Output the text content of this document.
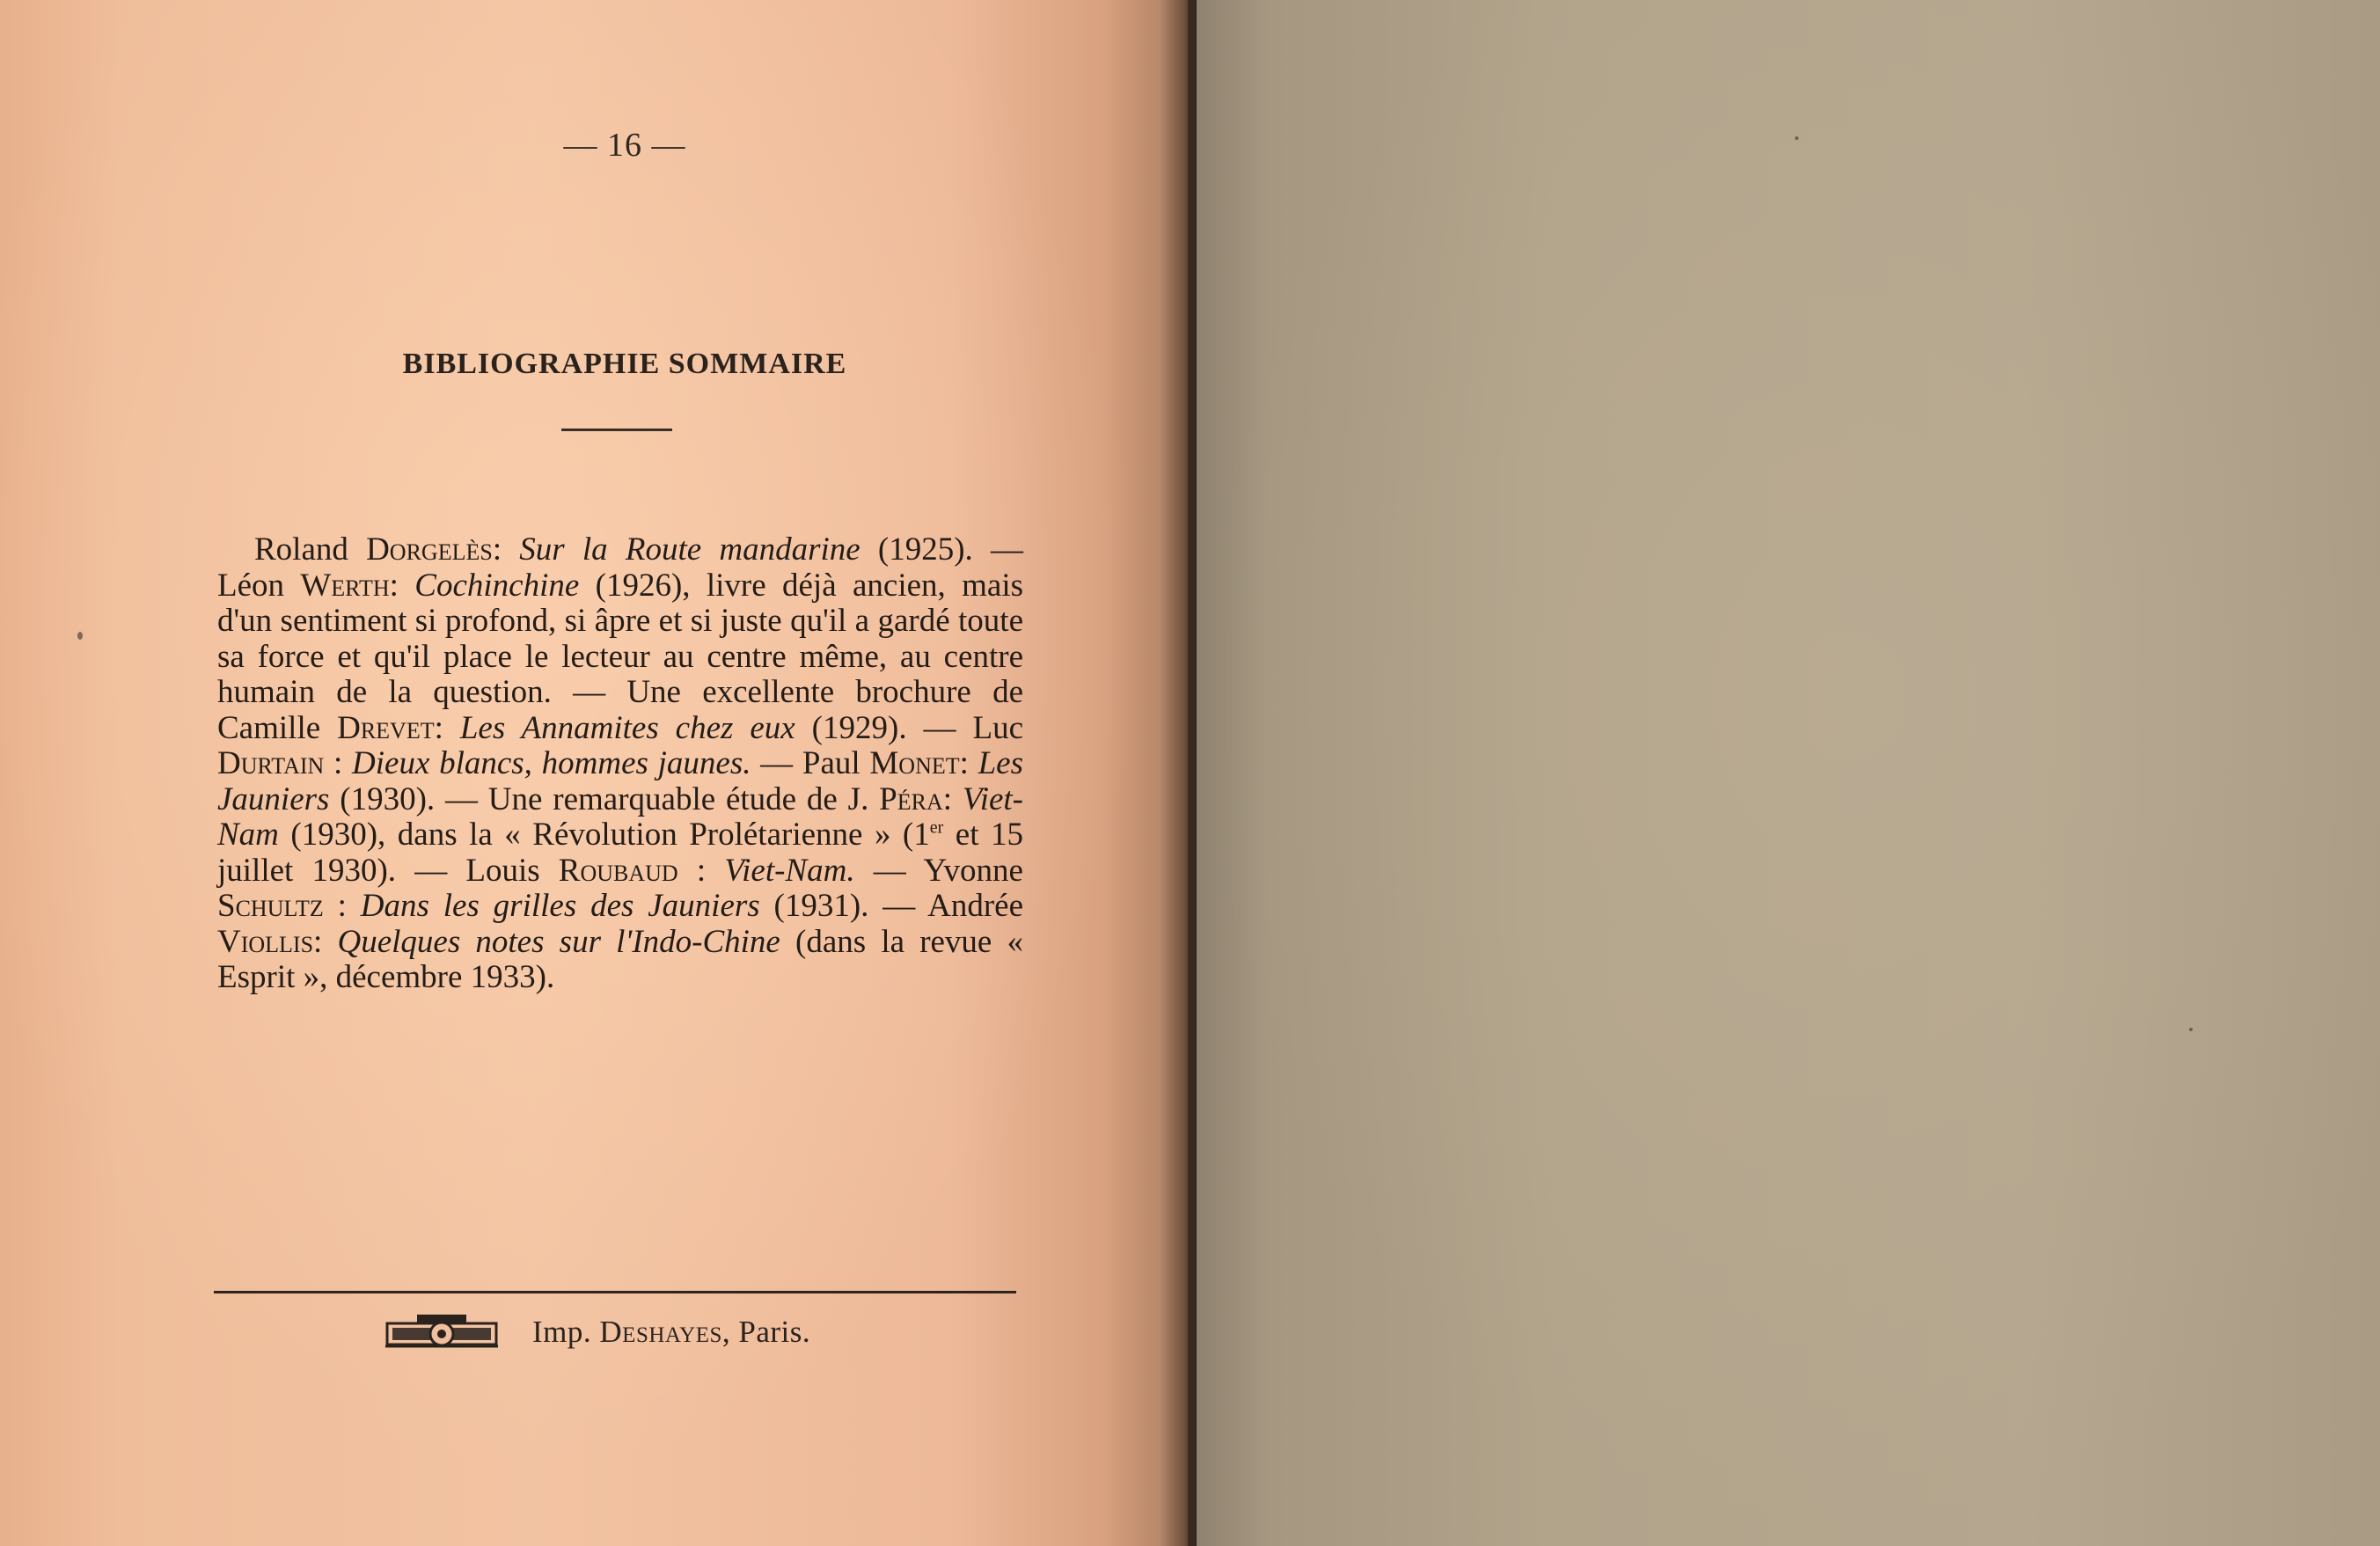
— 16 —
BIBLIOGRAPHIE SOMMAIRE
Roland Dorgelès: Sur la Route mandarine (1925). — Léon Werth: Cochinchine (1926), livre déjà ancien, mais d'un sentiment si profond, si âpre et si juste qu'il a gardé toute sa force et qu'il place le lecteur au centre même, au centre humain de la question. — Une excellente brochure de Camille Drevet: Les Annamites chez eux (1929). — Luc Durtain : Dieux blancs, hommes jaunes. — Paul Monet: Les Jauniers (1930). — Une remarquable étude de J. Péra: Viet-Nam (1930), dans la « Révolution Prolétarienne » (1er et 15 juillet 1930). — Louis Roubaud : Viet-Nam. — Yvonne Schultz : Dans les grilles des Jauniers (1931). — Andrée Viollis: Quelques notes sur l'Indo-Chine (dans la revue « Esprit », décembre 1933).
Imp. Deshayes, Paris.
